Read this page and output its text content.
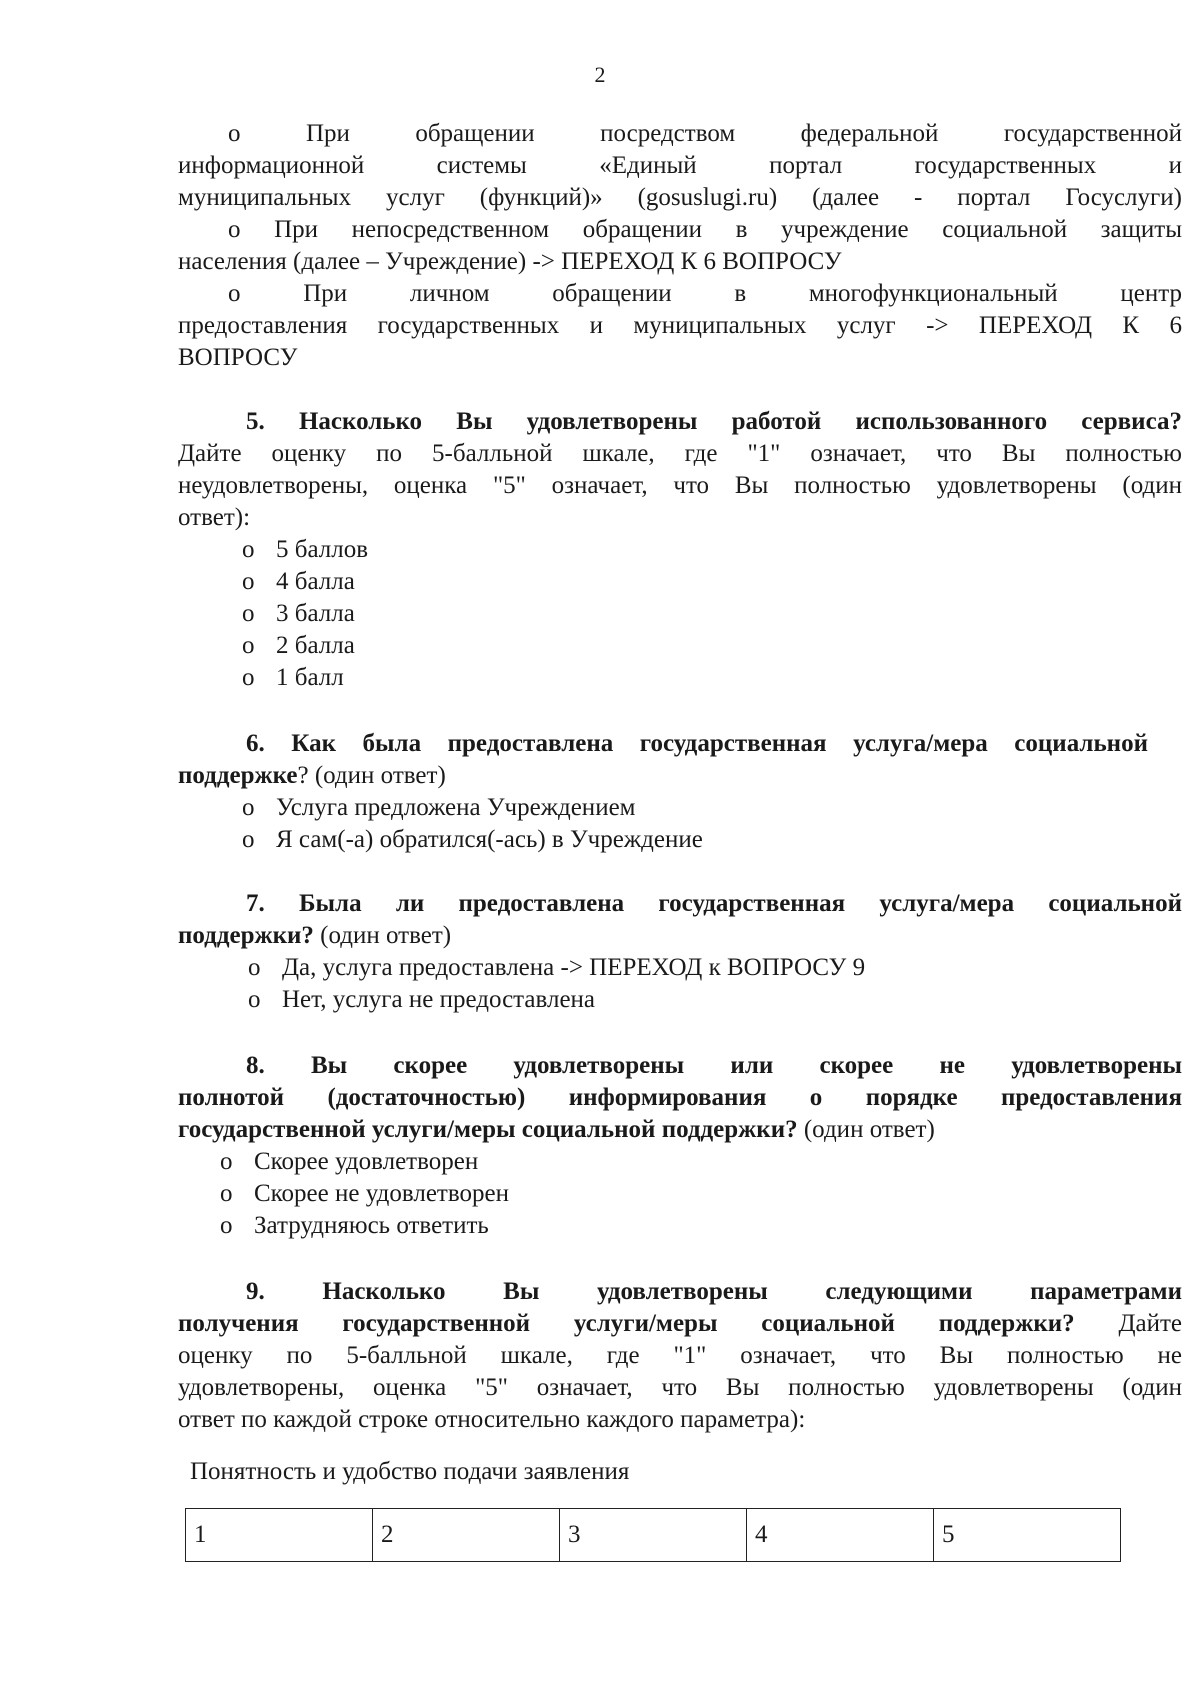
2
o	При обращении посредством федеральной государственной
информационной системы «Единый портал государственных и
муниципальных услуг (функций)» (gosuslugi.ru) (далее - портал Госуслуги)
o При непосредственном обращении в учреждение социальной защиты
населения (далее – Учреждение) -> ПЕРЕХОД К 6 ВОПРОСУ
o	При личном обращении в многофункциональный центр
предоставления государственных и муниципальных услуг -> ПЕРЕХОД К 6
ВОПРОСУ
5. Насколько Вы удовлетворены работой использованного сервиса?
Дайте оценку по 5-балльной шкале, где "1" означает, что Вы полностью
неудовлетворены, оценка "5" означает, что Вы полностью удовлетворены (один
ответ):
o 5 баллов
o 4 балла
o 3 балла
o 2 балла
o 1 балл
6. Как была предоставлена государственная услуга/мера социальной
поддержке? (один ответ)
o Услуга предложена Учреждением
o Я сам(-а) обратился(-ась) в Учреждение
7. Была ли предоставлена государственная услуга/мера социальной
поддержки? (один ответ)
o Да, услуга предоставлена -> ПЕРЕХОД к ВОПРОСУ 9
o Нет, услуга не предоставлена
8. Вы скорее удовлетворены или скорее не удовлетворены
полнотой (достаточностью) информирования о порядке предоставления
государственной услуги/меры социальной поддержки? (один ответ)
o Скорее удовлетворен
o Скорее не удовлетворен
o Затрудняюсь ответить
9. Насколько Вы удовлетворены следующими параметрами
получения государственной услуги/меры социальной поддержки? Дайте
оценку по 5-балльной шкале, где "1" означает, что Вы полностью не
удовлетворены, оценка "5" означает, что Вы полностью удовлетворены (один
ответ по каждой строке относительно каждого параметра):
Понятность и удобство подачи заявления
1	2	3	4	5
